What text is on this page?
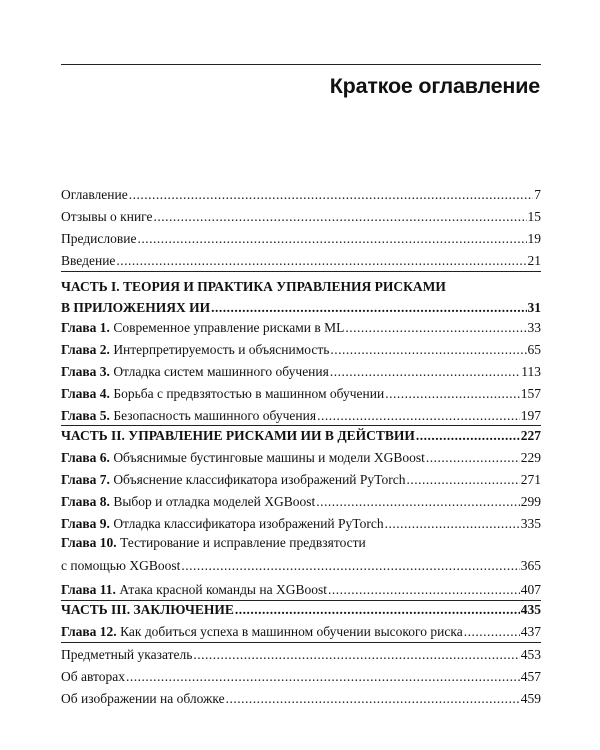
Краткое оглавление
Оглавление .....	7
Отзывы о книге .....	15
Предисловие .....	19
Введение .....	21
ЧАСТЬ I. ТЕОРИЯ И ПРАКТИКА УПРАВЛЕНИЯ РИСКАМИ
В ПРИЛОЖЕНИЯХ ИИ .....	31
Глава 1. Современное управление рисками в ML .....	33
Глава 2. Интерпретируемость и объяснимость .....	65
Глава 3. Отладка систем машинного обучения .....	113
Глава 4. Борьба с предвзятостью в машинном обучении .....	157
Глава 5. Безопасность машинного обучения .....	197
ЧАСТЬ II. УПРАВЛЕНИЕ РИСКАМИ ИИ В ДЕЙСТВИИ .....	227
Глава 6. Объяснимые бустинговые машины и модели XGBoost .....	229
Глава 7. Объяснение классификатора изображений PyTorch .....	271
Глава 8. Выбор и отладка моделей XGBoost .....	299
Глава 9. Отладка классификатора изображений PyTorch .....	335
Глава 10. Тестирование и исправление предвзятости
с помощью XGBoost .....	365
Глава 11. Атака красной команды на XGBoost .....	407
ЧАСТЬ III. ЗАКЛЮЧЕНИЕ .....	435
Глава 12. Как добиться успеха в машинном обучении высокого риска .....	437
Предметный указатель .....	453
Об авторах .....	457
Об изображении на обложке .....	459
